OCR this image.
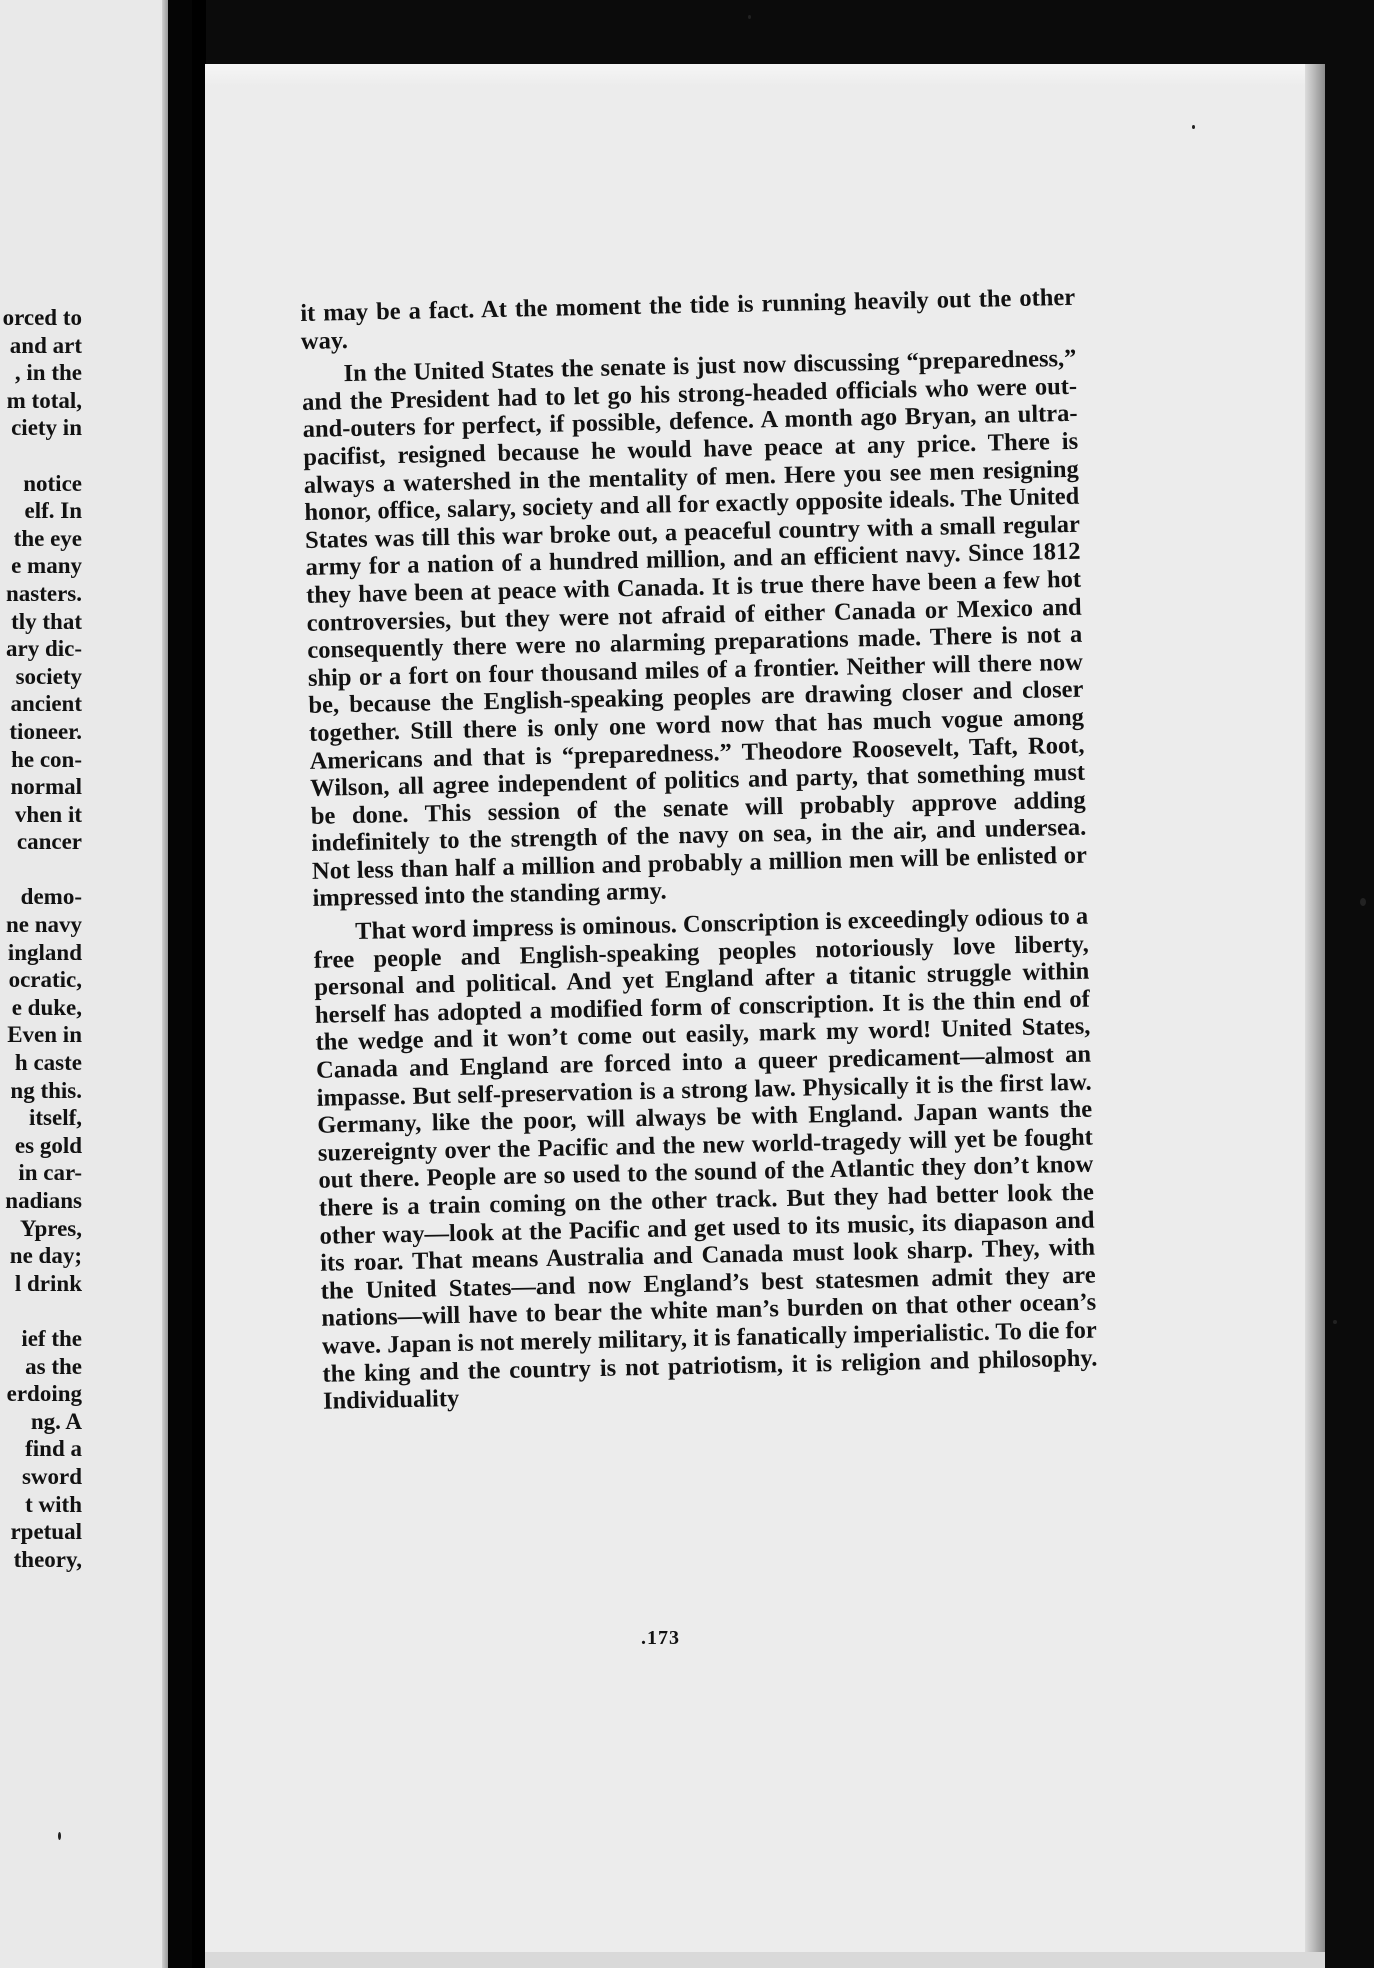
orced to
and art
, in the
m total,
ciety in
notice
elf. In
the eye
e many
nasters.
tly that
ary dic-
society
ancient
tioneer.
he con-
normal
vhen it
cancer
demo-
ne navy
ingland
ocratic,
e duke,
Even in
h caste
ng this.
itself,
es gold
in car-
nadians
Ypres,
ne day;
l drink
ief the
as the
erdoing
ng. A
find a
sword
t with
rpetual
theory,

it may be a fact. At the moment the tide is running heavily out the other way.

In the United States the senate is just now discussing “preparedness,” and the President had to let go his strong-headed officials who were out-and-outers for perfect, if possible, defence. A month ago Bryan, an ultra-pacifist, resigned because he would have peace at any price. There is always a watershed in the mentality of men. Here you see men resigning honor, office, salary, society and all for exactly opposite ideals. The United States was till this war broke out, a peaceful country with a small regular army for a nation of a hundred million, and an efficient navy. Since 1812 they have been at peace with Canada. It is true there have been a few hot controversies, but they were not afraid of either Canada or Mexico and consequently there were no alarming preparations made. There is not a ship or a fort on four thousand miles of a frontier. Neither will there now be, because the English-speaking peoples are drawing closer and closer together. Still there is only one word now that has much vogue among Americans and that is “preparedness.” Theodore Roosevelt, Taft, Root, Wilson, all agree independent of politics and party, that something must be done. This session of the senate will probably approve adding indefinitely to the strength of the navy on sea, in the air, and undersea. Not less than half a million and probably a million men will be enlisted or impressed into the standing army.

That word impress is ominous. Conscription is exceedingly odious to a free people and English-speaking peoples notoriously love liberty, personal and political. And yet England after a titanic struggle within herself has adopted a modified form of conscription. It is the thin end of the wedge and it won’t come out easily, mark my word! United States, Canada and England are forced into a queer predicament—almost an impasse. But self-preservation is a strong law. Physically it is the first law. Germany, like the poor, will always be with England. Japan wants the suzereignty over the Pacific and the new world-tragedy will yet be fought out there. People are so used to the sound of the Atlantic they don’t know there is a train coming on the other track. But they had better look the other way—look at the Pacific and get used to its music, its diapason and its roar. That means Australia and Canada must look sharp. They, with the United States—and now England’s best statesmen admit they are nations—will have to bear the white man’s burden on that other ocean’s wave. Japan is not merely military, it is fanatically imperialistic. To die for the king and the country is not patriotism, it is religion and philosophy. Individuality

.173
